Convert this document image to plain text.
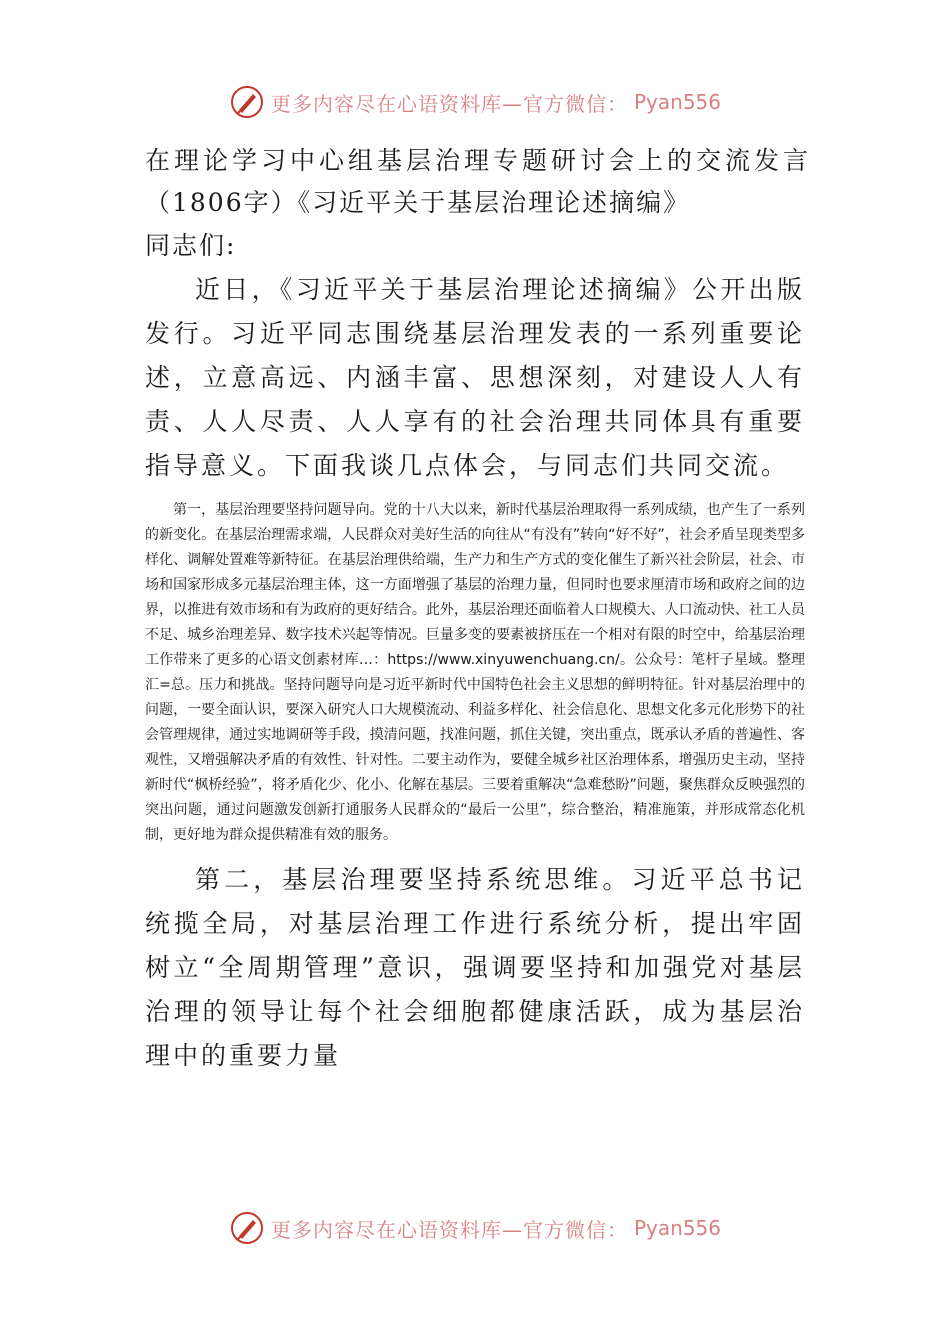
更多内容尽在心语资料库—官方微信： Pyan556
在理论学习中心组基层治理专题研讨会上的交流发言
（1806字）《习近平关于基层治理论述摘编》

同志们:

近日，《习近平关于基层治理论述摘编》公开出版发行。习近平同志围绕基层治理发表的一系列重要论述，立意高远、内涵丰富、思想深刻，对建设人人有责、人人尽责、人人享有的社会治理共同体具有重要指导意义。下面我谈几点体会，与同志们共同交流。

第一，基层治理要坚持问题导向。党的十八大以来，新时代基层治理取得一系列成绩，也产生了一系列的新变化。在基层治理需求端，人民群众对美好生活的向往从“有没有”转向“好不好”，社会矛盾呈现类型多样化、调解处置难等新特征。在基层治理供给端，生产力和生产方式的变化催生了新兴社会阶层，社会、市场和国家形成多元基层治理主体，这一方面增强了基层的治理力量，但同时也要求厘清市场和政府之间的边界，以推进有效市场和有为政府的更好结合。此外，基层治理还面临着人口规模大、人口流动快、社工人员不足、城乡治理差异、数字技术兴起等情况。巨量多变的要素被挤压在一个相对有限的时空中，给基层治理工作带来了更多的心语文创素材库…：https://www.xinyuwenchuang.cn/。公众号：笔杆子星域。整理汇=总。压力和挑战。坚持问题导向是习近平新时代中国特色社会主义思想的鲜明特征。针对基层治理中的问题，一要全面认识，要深入研究人口大规模流动、利益多样化、社会信息化、思想文化多元化形势下的社会管理规律，通过实地调研等手段，摸清问题，找准问题，抓住关键，突出重点，既承认矛盾的普遍性、客观性，又增强解决矛盾的有效性、针对性。二要主动作为，要健全城乡社区治理体系，增强历史主动，坚持新时代“枫桥经验”，将矛盾化少、化小、化解在基层。三要着重解决“急难愁盼”问题，聚焦群众反映强烈的突出问题，通过问题激发创新打通服务人民群众的“最后一公里”，综合整治，精准施策，并形成常态化机制，更好地为群众提供精准有效的服务。

第二，基层治理要坚持系统思维。习近平总书记统揽全局，对基层治理工作进行系统分析，提出牢固树立“全周期管理”意识，强调要坚持和加强党对基层治理的领导让每个社会细胞都健康活跃，成为基层治理中的重要力量

更多内容尽在心语资料库—官方微信： Pyan556
